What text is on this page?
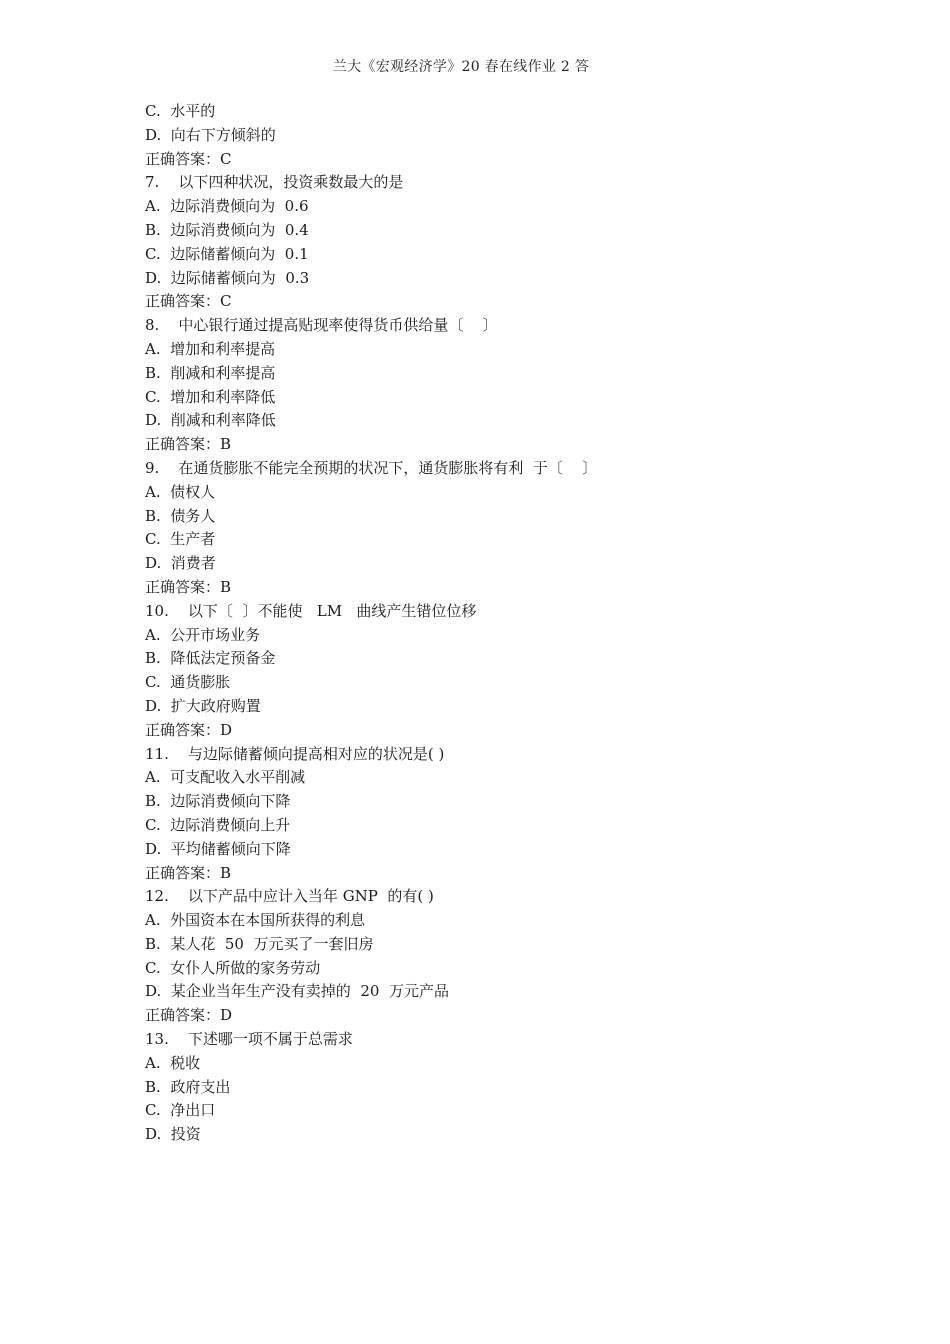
兰大《宏观经济学》20 春在线作业 2 答
C.  水平的
D.  向右下方倾斜的
正确答案：C
7.    以下四种状况，投资乘数最大的是
A.  边际消费倾向为  0.6
B.  边际消费倾向为  0.4
C.  边际储蓄倾向为  0.1
D.  边际储蓄倾向为  0.3
正确答案：C
8.    中心银行通过提高贴现率使得货币供给量〔    〕
A.  增加和利率提高
B.  削减和利率提高
C.  增加和利率降低
D.  削减和利率降低
正确答案：B
9.    在通货膨胀不能完全预期的状况下，通货膨胀将有利  于〔    〕
A.  债权人
B.  债务人
C.  生产者
D.  消费者
正确答案：B
10.    以下〔  〕不能使   LM   曲线产生错位位移
A.  公开市场业务
B.  降低法定预备金
C.  通货膨胀
D.  扩大政府购置
正确答案：D
11.    与边际储蓄倾向提高相对应的状况是( )
A.  可支配收入水平削减
B.  边际消费倾向下降
C.  边际消费倾向上升
D.  平均储蓄倾向下降
正确答案：B
12.    以下产品中应计入当年 GNP  的有( )
A.  外国资本在本国所获得的利息
B.  某人花  50  万元买了一套旧房
C.  女仆人所做的家务劳动
D.  某企业当年生产没有卖掉的  20  万元产品
正确答案：D
13.    下述哪一项不属于总需求
A.  税收
B.  政府支出
C.  净出口
D.  投资
